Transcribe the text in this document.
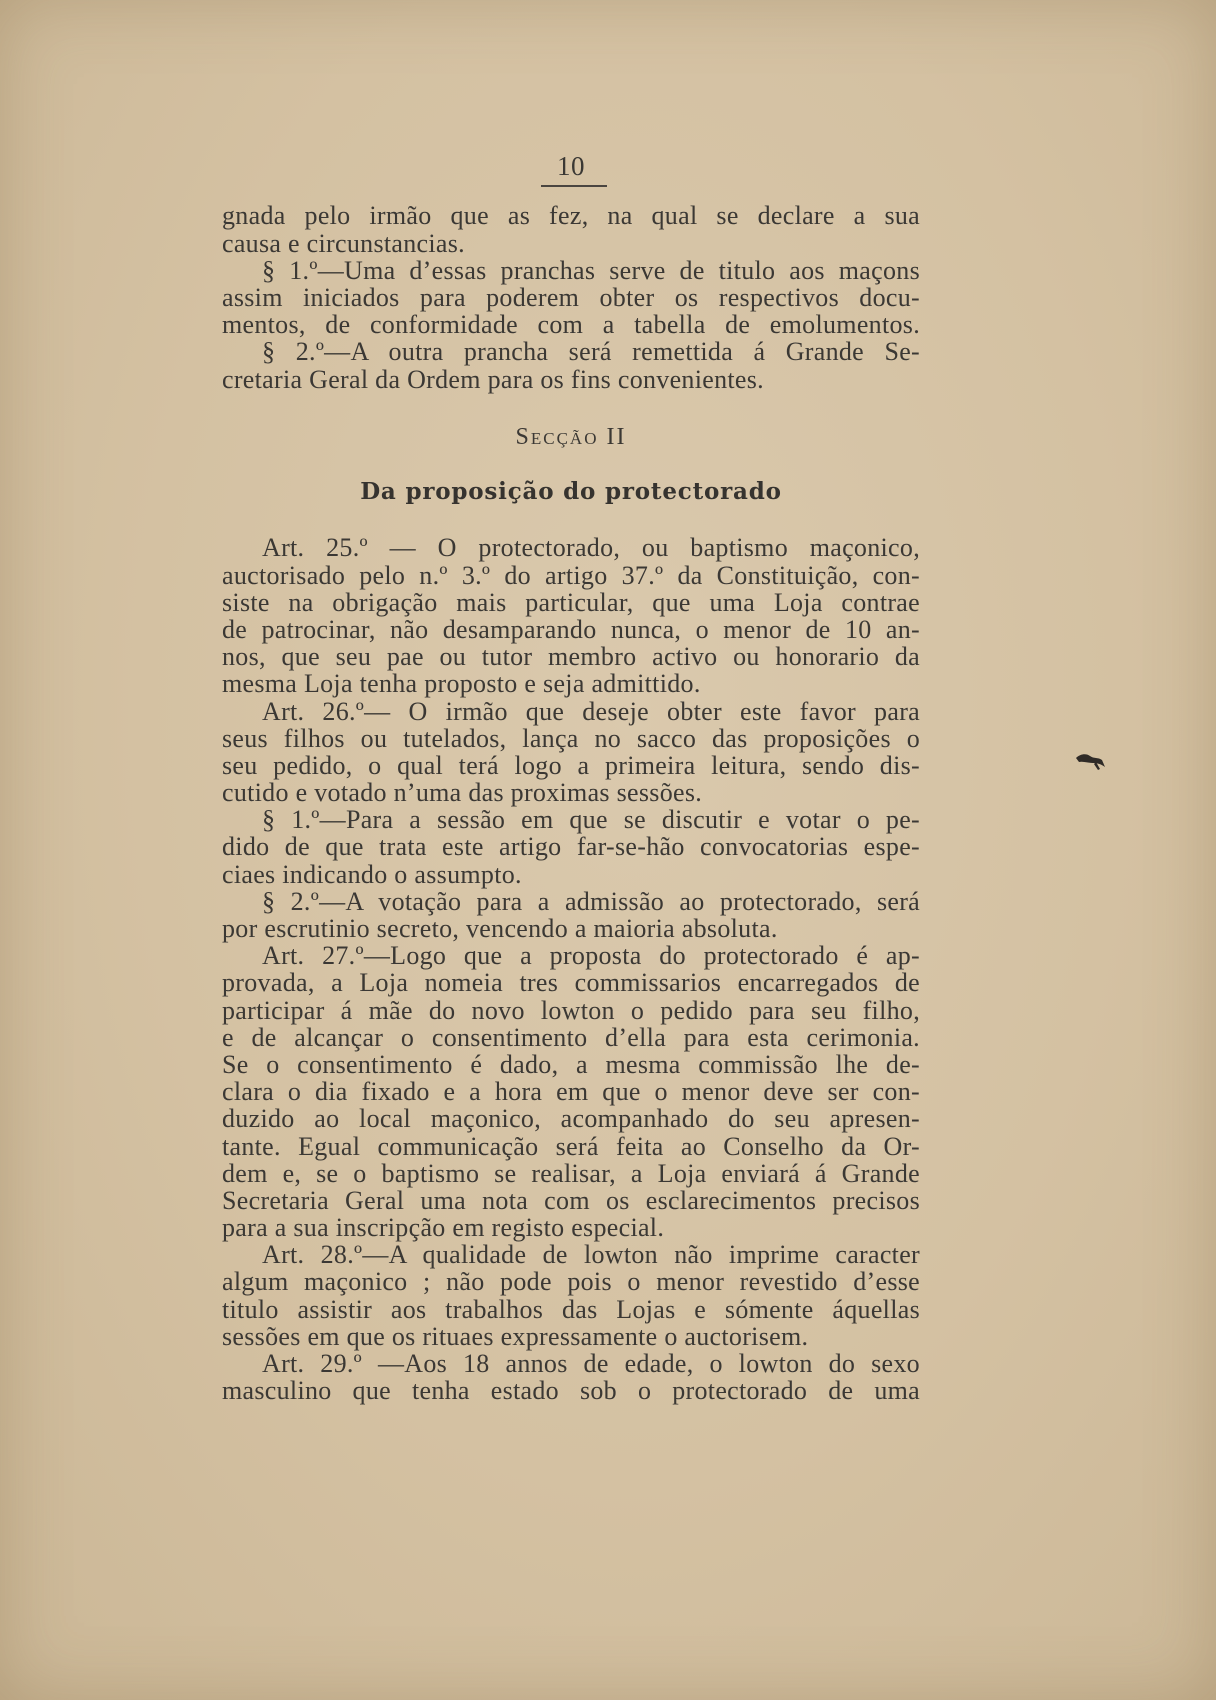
10
gnada pelo irmão que as fez, na qual se declare a sua
causa e circunstancias.
§ 1.º—Uma d’essas pranchas serve de titulo aos maçons
assim iniciados para poderem obter os respectivos docu-
mentos, de conformidade com a tabella de emolumentos.
§ 2.º—A outra prancha será remettida á Grande Se-
cretaria Geral da Ordem para os fins convenientes.
Secção II
Da proposição do protectorado
Art. 25.º — O protectorado, ou baptismo maçonico,
auctorisado pelo n.º 3.º do artigo 37.º da Constituição, con-
siste na obrigação mais particular, que uma Loja contrae
de patrocinar, não desamparando nunca, o menor de 10 an-
nos, que seu pae ou tutor membro activo ou honorario da
mesma Loja tenha proposto e seja admittido.
Art. 26.º— O irmão que deseje obter este favor para
seus filhos ou tutelados, lança no sacco das proposições o
seu pedido, o qual terá logo a primeira leitura, sendo dis-
cutido e votado n’uma das proximas sessões.
§ 1.º—Para a sessão em que se discutir e votar o pe-
dido de que trata este artigo far-se-hão convocatorias espe-
ciaes indicando o assumpto.
§ 2.º—A votação para a admissão ao protectorado, será
por escrutinio secreto, vencendo a maioria absoluta.
Art. 27.º—Logo que a proposta do protectorado é ap-
provada, a Loja nomeia tres commissarios encarregados de
participar á mãe do novo lowton o pedido para seu filho,
e de alcançar o consentimento d’ella para esta cerimonia.
Se o consentimento é dado, a mesma commissão lhe de-
clara o dia fixado e a hora em que o menor deve ser con-
duzido ao local maçonico, acompanhado do seu apresen-
tante. Egual communicação será feita ao Conselho da Or-
dem e, se o baptismo se realisar, a Loja enviará á Grande
Secretaria Geral uma nota com os esclarecimentos precisos
para a sua inscripção em registo especial.
Art. 28.º—A qualidade de lowton não imprime caracter
algum maçonico ; não pode pois o menor revestido d’esse
titulo assistir aos trabalhos das Lojas e sómente áquellas
sessões em que os rituaes expressamente o auctorisem.
Art. 29.º —Aos 18 annos de edade, o lowton do sexo
masculino que tenha estado sob o protectorado de uma
